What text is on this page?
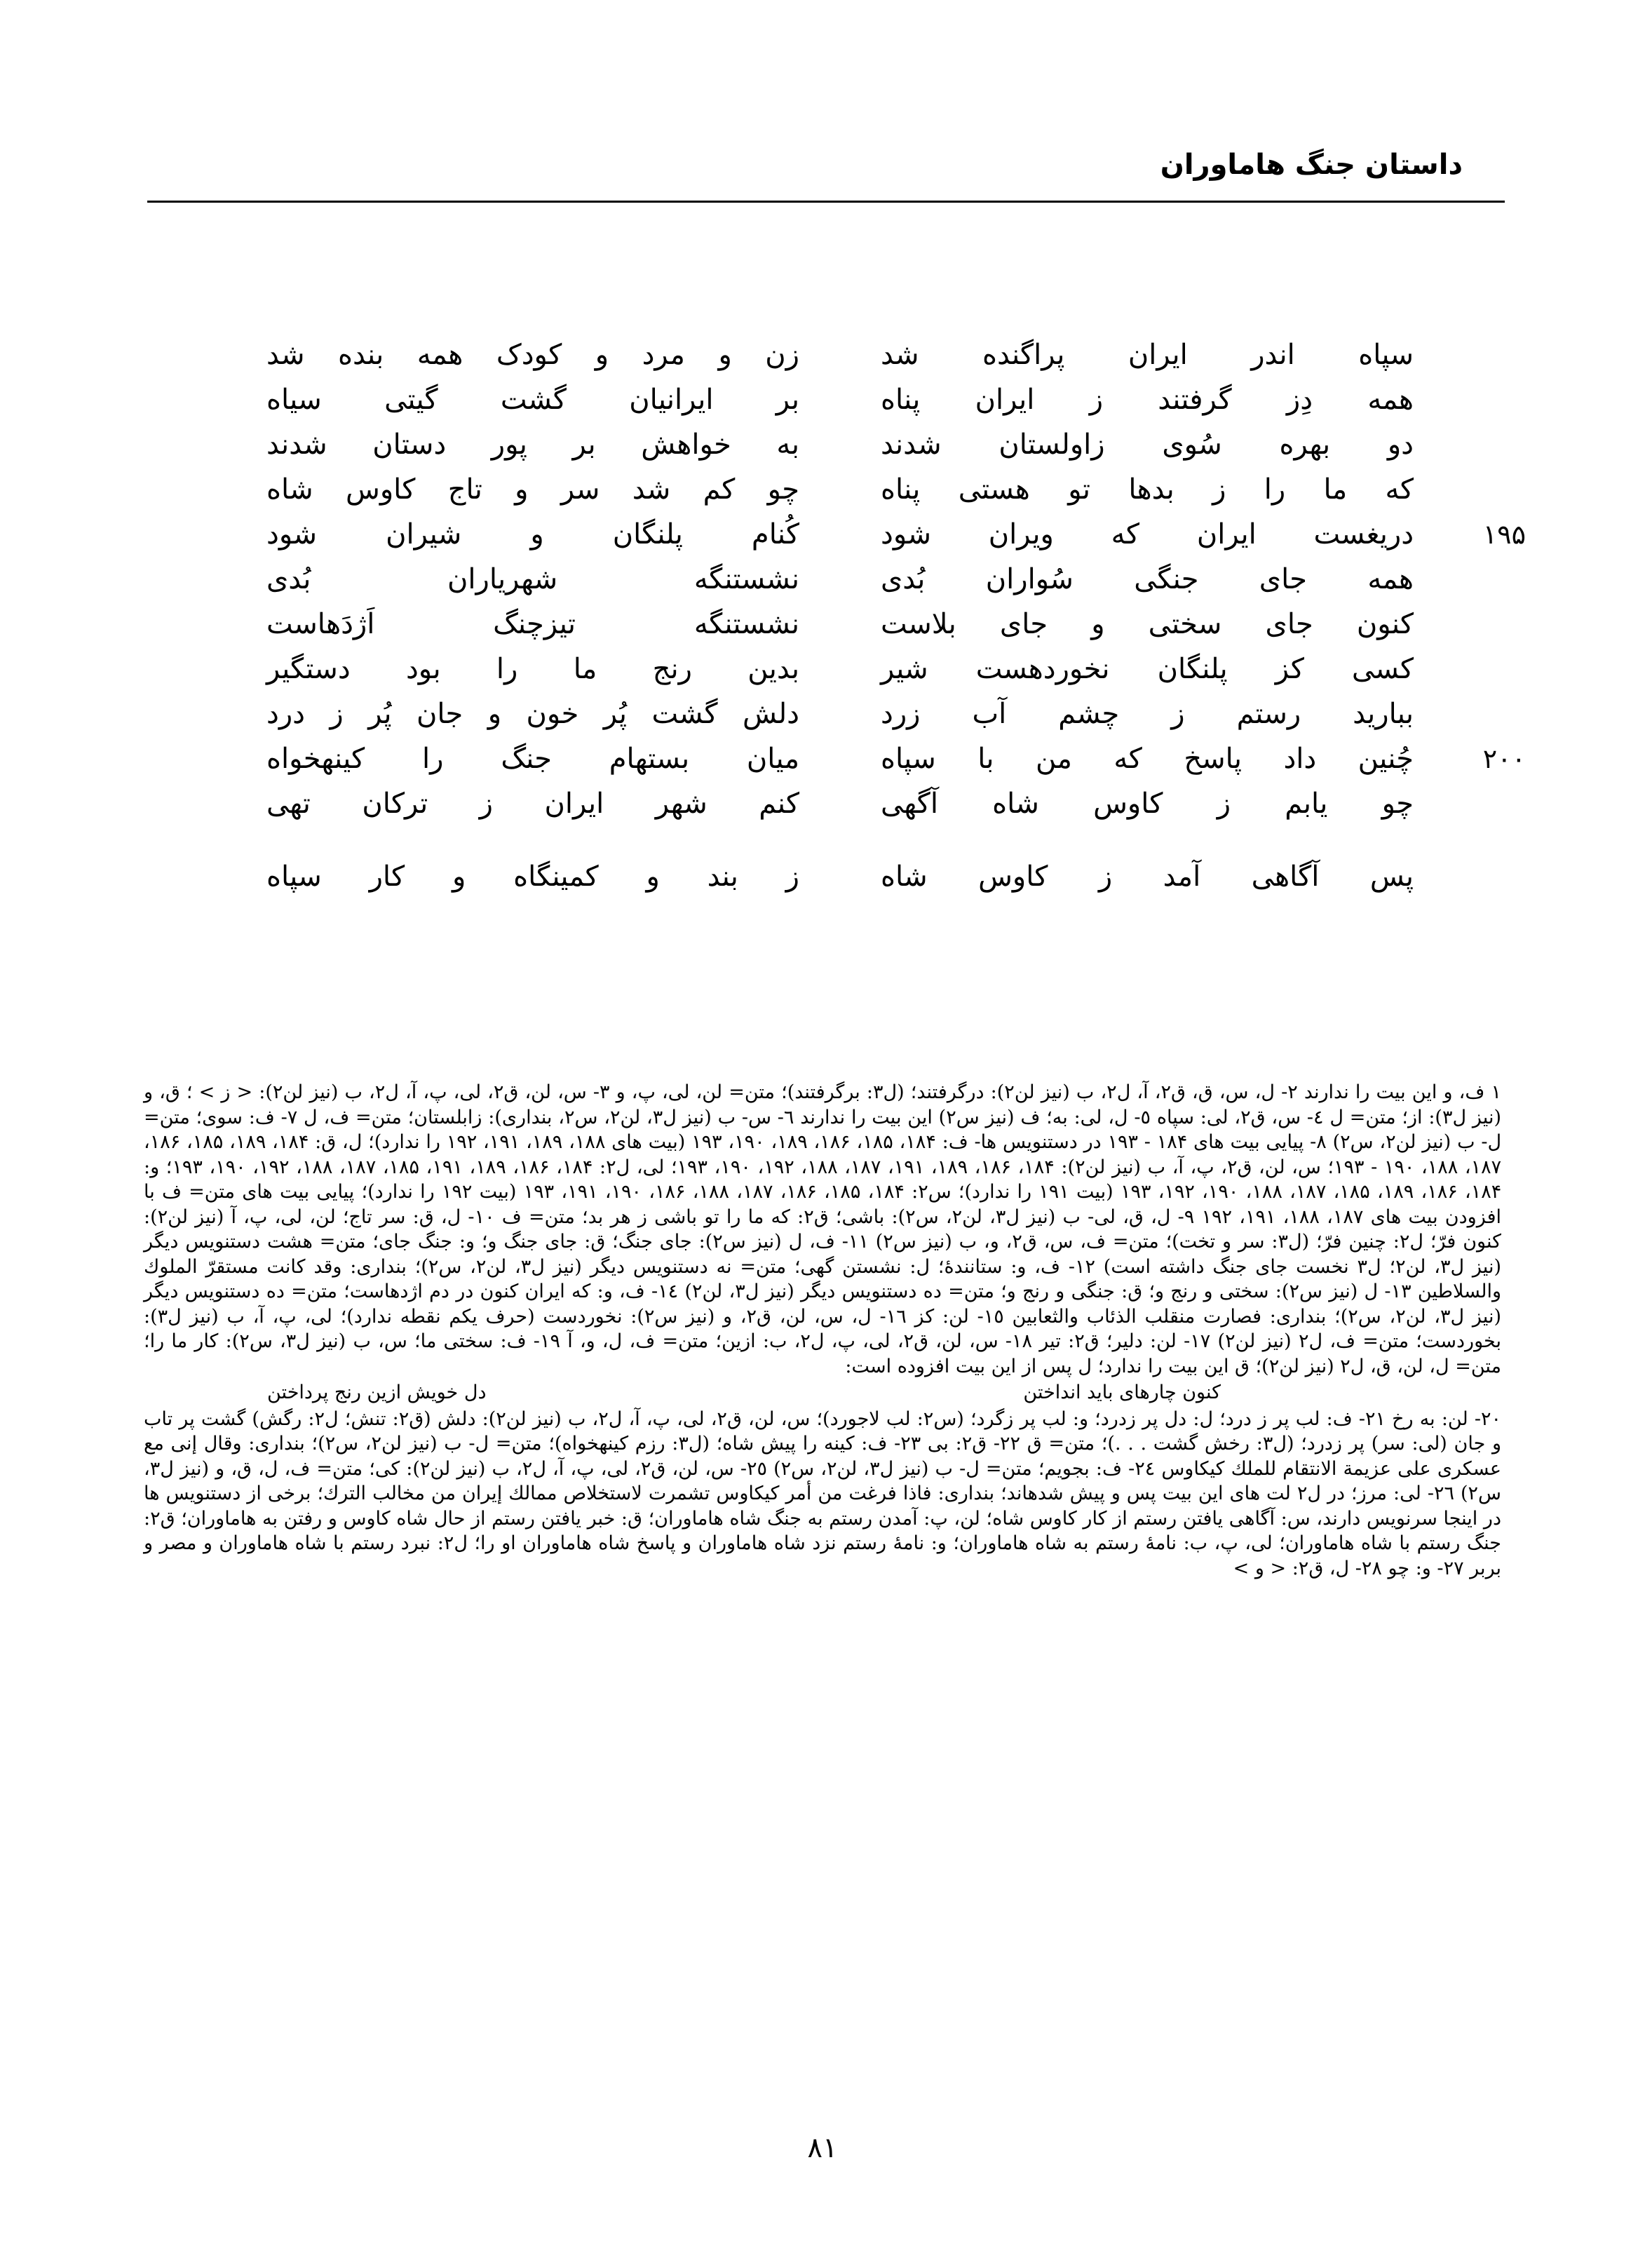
داستان جنگ هاماوران
سپاه اندر ایران پراگنده شد
زن و مرد و کودک همه بنده شد
همه دِز گرفتند ز ایران پناه
بر ایرانیان گشت گیتی سیاه
دو بهره سُوی زاولستان شدند
به خواهش بر پور دستان شدند
که ما را ز بدها تو هستی پناه
چو کم شد سر و تاج کاوس شاه
دریغست ایران که ویران شود
کُنام پلنگان و شیران شود	۱۹۵
همه جای جنگی سُواران بُدی
نشستنگه شهریاران بُدی
کنون جای سختی و جای بلاست
نشستنگه تیزچنگ اَژدَهاست
کسی کز پلنگان نخوردهست شیر
بدین رنج ما را بود دستگیر
ببارید رستم ز چشم آب زرد
دلش گشت پُر خون و جان پُر ز درد
چُنین داد پاسخ که من با سپاه
میان بستهام جنگ را کینهخواه	۲۰۰
چو یابم ز کاوس شاه آگهی
کنم شهر ایران ز ترکان تهی
پس آگاهی آمد ز کاوس شاه
ز بند و کمینگاه و کار سپاه

۱ ف، و این بیت را ندارند ۲- ل، س، ق، ق۲، آ، ل۲، ب (نیز لن۲): درگرفتند؛ (ل۳: برگرفتند)؛ متن= لن، لی، پ، و ۳- س، لن، ق۲، لی، پ، آ، ل۲، ب (نیز لن۲): < ز > ؛ ق، و (نیز ل۳): از؛ متن= ل ٤- س، ق۲، لی: سپاه ٥- ل، لی: به؛ ف (نیز س۲) این بیت را ندارند ٦- س- ب (نیز ل۳، لن۲، س۲، بنداری): زابلستان؛ متن= ف، ل ۷- ف: سوی؛ متن= ل- ب (نیز لن۲، س۲) ۸- پیایی بیت های ۱۸۴ - ۱۹۳ در دستنویس ها- ف: ۱۸۴، ۱۸۵، ۱۸۶، ۱۸۹، ۱۹۰، ۱۹۳ (بیت های ۱۸۸، ۱۸۹، ۱۹۱، ۱۹۲ را ندارد)؛ ل، ق: ۱۸۴، ۱۸۹، ۱۸۵، ۱۸۶، ۱۸۷، ۱۸۸، ۱۹۰ - ۱۹۳؛ س، لن، ق۲، پ، آ، ب (نیز لن۲): ۱۸۴، ۱۸۶، ۱۸۹، ۱۹۱، ۱۸۷، ۱۸۸، ۱۹۲، ۱۹۰، ۱۹۳؛ لی، ل۲: ۱۸۴، ۱۸۶، ۱۸۹، ۱۹۱، ۱۸۵، ۱۸۷، ۱۸۸، ۱۹۲، ۱۹۰، ۱۹۳؛ و: ۱۸۴، ۱۸۶، ۱۸۹، ۱۸۵، ۱۸۷، ۱۸۸، ۱۹۰، ۱۹۲، ۱۹۳ (بیت ۱۹۱ را ندارد)؛ س۲: ۱۸۴، ۱۸۵، ۱۸۶، ۱۸۷، ۱۸۸، ۱۸۶، ۱۹۰، ۱۹۱، ۱۹۳ (بیت ۱۹۲ را ندارد)؛ پیایی بیت های متن= ف با افزودن بیت های ۱۸۷، ۱۸۸، ۱۹۱، ۱۹۲ ۹- ل، ق، لی- ب (نیز ل۳، لن۲، س۲): باشی؛ ق۲: که ما را تو باشی ز هر بد؛ متن= ف ۱۰- ل، ق: سر تاج؛ لن، لی، پ، آ (نیز لن۲): کنون فرّ؛ ل۲: چنین فرّ؛ (ل۳: سر و تخت)؛ متن= ف، س، ق۲، و، ب (نیز س۲) ۱۱- ف، ل (نیز س۲): جای جنگ؛ ق: جای جنگ و؛ و: جنگ جای؛ متن= هشت دستنویس دیگر (نیز ل۳، لن۲؛ ل۳ نخست جای جنگ داشته است) ۱۲- ف، و: ستانندهٔ؛ ل: نشستن گهی؛ متن= نه دستنویس دیگر (نیز ل۳، لن۲، س۲)؛ بنداری: وقد کانت مستقرّ الملوك والسلاطین ۱۳- ل (نیز س۲): سختی و رنج و؛ ق: جنگی و رنج و؛ متن= ده دستنویس دیگر (نیز ل۳، لن۲) ۱٤- ف، و: که ایران کنون در دم اژدهاست؛ متن= ده دستنویس دیگر (نیز ل۳، لن۲، س۲)؛ بنداری: فصارت منقلب الذئاب والثعابین ۱٥- لن: کز ۱٦- ل، س، لن، ق۲، و (نیز س۲): نخوردست (حرف یکم نقطه ندارد)؛ لی، پ، آ، ب (نیز ل۳): بخوردست؛ متن= ف، ل۲ (نیز لن۲) ۱۷- لن: دلیر؛ ق۲: تیر ۱۸- س، لن، ق۲، لی، پ، ل۲، ب: ازین؛ متن= ف، ل، و، آ ۱۹- ف: سختی ما؛ س، ب (نیز ل۳، س۲): کار ما را؛ متن= ل، لن، ق، ل۲ (نیز لن۲)؛ ق این بیت را ندارد؛ ل پس از این بیت افزوده است:

کنون چارهای باید انداختن
دل خویش ازین رنج پرداختن

۲۰- لن: به رخ ۲۱- ف: لب پر ز درد؛ ل: دل پر زدرد؛ و: لب پر زگرد؛ (س۲: لب لاجورد)؛ س، لن، ق۲، لی، پ، آ، ل۲، ب (نیز لن۲): دلش (ق۲: تنش؛ ل۲: رگش) گشت پر تاب و جان (لی: سر) پر زدرد؛ (ل۳: رخش گشت . . .)؛ متن= ق ۲۲- ق۲: بی ۲۳- ف: کینه را پیش شاه؛ (ل۳: رزم کینهخواه)؛ متن= ل- ب (نیز لن۲، س۲)؛ بنداری: وقال إنی مع عسکری علی عزیمة الانتقام للملك کیکاوس ۲٤- ف: بجویم؛ متن= ل- ب (نیز ل۳، لن۲، س۲) ۲٥- س، لن، ق۲، لی، پ، آ، ل۲، ب (نیز لن۲): کی؛ متن= ف، ل، ق، و (نیز ل۳، س۲) ۲٦- لی: مرز؛ در ل۲ لت های این بیت پس و پیش شدهاند؛ بنداری: فاذا فرغت من أمر کیکاوس تشمرت لاستخلاص ممالك إیران من مخالب الترك؛ برخی از دستنویس ها در اینجا سرنویس دارند، س: آگاهی یافتن رستم از کار کاوس شاه؛ لن، پ: آمدن رستم به جنگ شاه هاماوران؛ ق: خبر یافتن رستم از حال شاه کاوس و رفتن به هاماوران؛ ق۲: جنگ رستم با شاه هاماوران؛ لی، پ، ب: نامهٔ رستم به شاه هاماوران؛ و: نامهٔ رستم نزد شاه هاماوران و پاسخ شاه هاماوران او را؛ ل۲: نبرد رستم با شاه هاماوران و مصر و بربر ۲۷- و: چو ۲۸- ل، ق۲: < و >

۸۱
